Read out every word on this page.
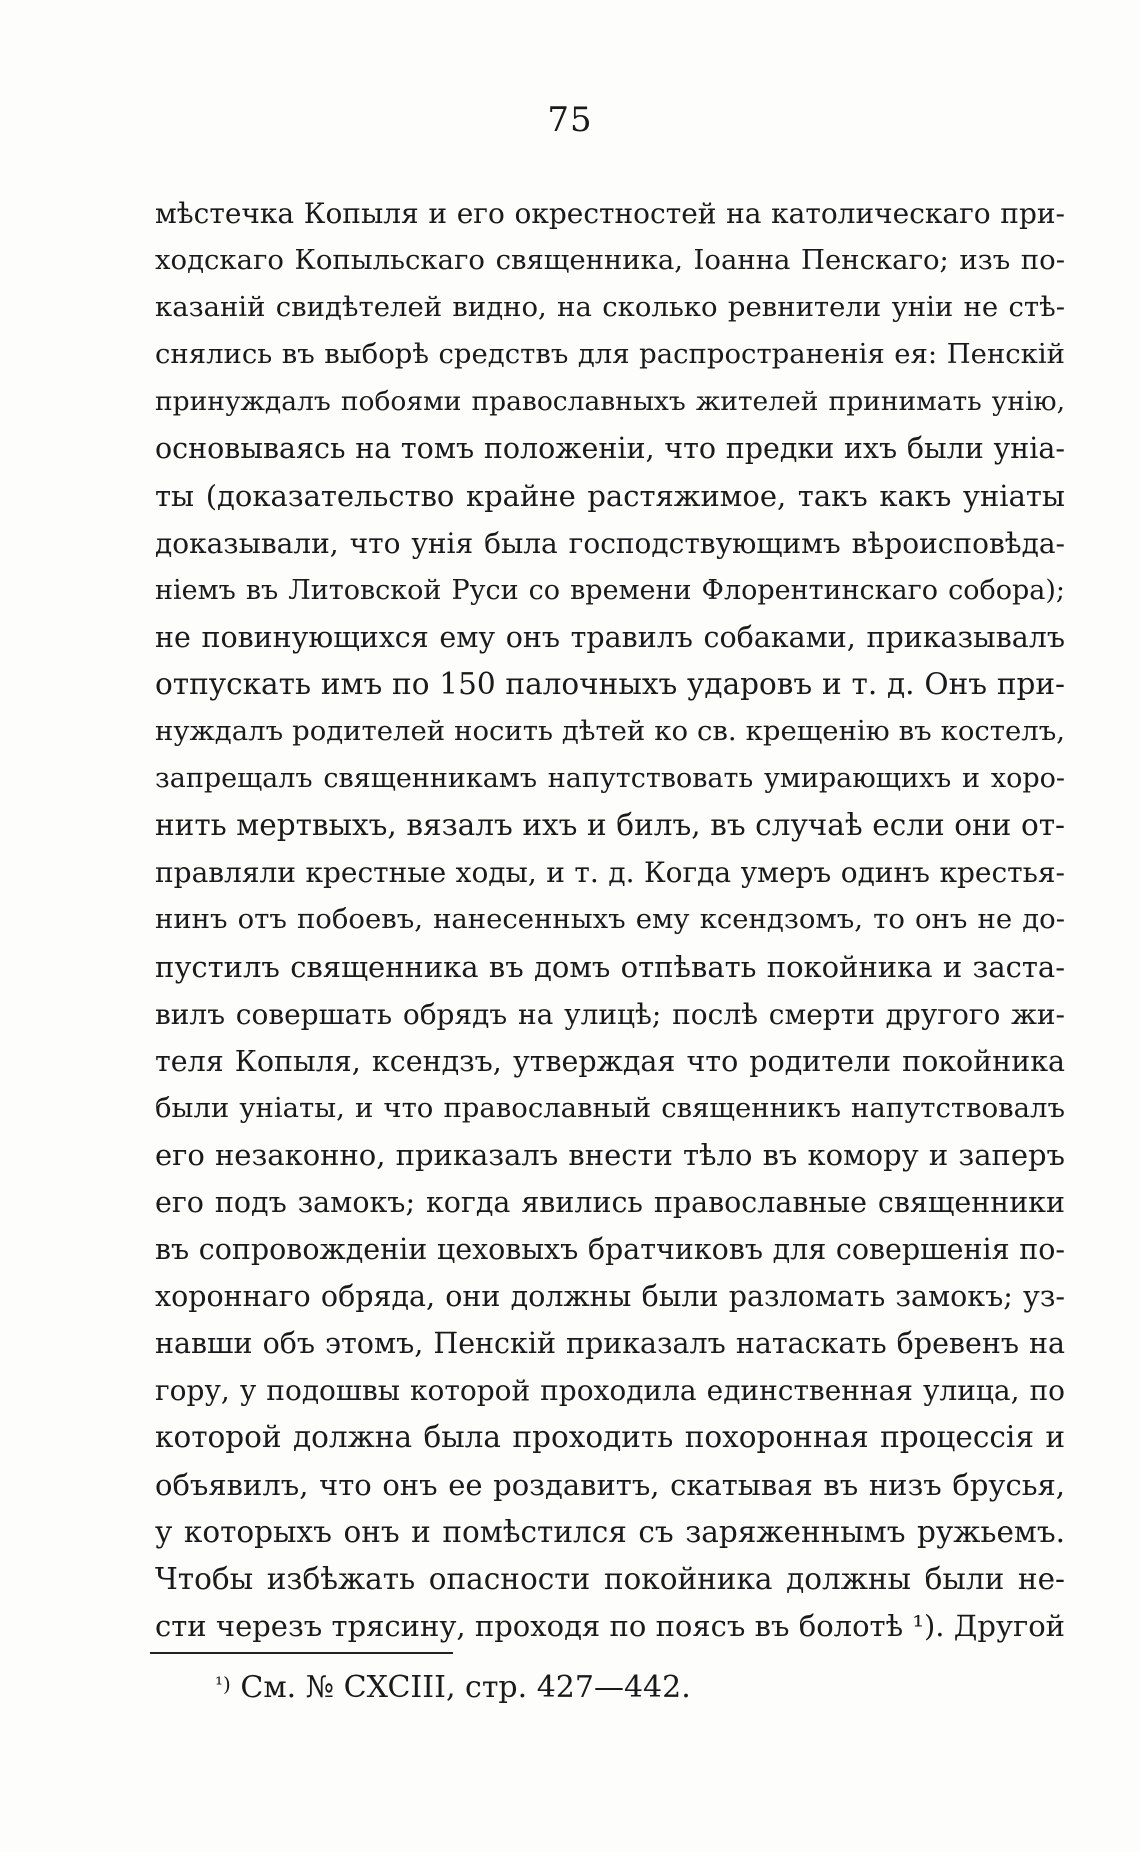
75
мѣстечка Копыля и его окрестностей на католическаго при-
ходскаго Копыльскаго священника, Іоанна Пенскаго; изъ по-
казаній свидѣтелей видно, на сколько ревнители уніи не стѣ-
снялись въ выборѣ средствъ для распространенія ея: Пенскій
принуждалъ побоями православныхъ жителей принимать унію,
основываясь на томъ положеніи, что предки ихъ были уніа-
ты (доказательство крайне растяжимое, такъ какъ уніаты
доказывали, что унія была господствующимъ вѣроисповѣда-
ніемъ въ Литовской Руси со времени Флорентинскаго собора);
не повинующихся ему онъ травилъ собаками, приказывалъ
отпускать имъ по 150 палочныхъ ударовъ и т. д. Онъ при-
нуждалъ родителей носить дѣтей ко св. крещенію въ костелъ,
запрещалъ священникамъ напутствовать умирающихъ и хоро-
нить мертвыхъ, вязалъ ихъ и билъ, въ случаѣ если они от-
правляли крестные ходы, и т. д. Когда умеръ одинъ крестья-
нинъ отъ побоевъ, нанесенныхъ ему ксендзомъ, то онъ не до-
пустилъ священника въ домъ отпѣвать покойника и заста-
вилъ совершать обрядъ на улицѣ; послѣ смерти другого жи-
теля Копыля, ксендзъ, утверждая что родители покойника
были уніаты, и что православный священникъ напутствовалъ
его незаконно, приказалъ внести тѣло въ комору и заперъ
его подъ замокъ; когда явились православные священники
въ сопровожденіи цеховыхъ братчиковъ для совершенія по-
хороннаго обряда, они должны были разломать замокъ; уз-
навши объ этомъ, Пенскій приказалъ натаскать бревенъ на
гору, у подошвы которой проходила единственная улица, по
которой должна была проходить похоронная процессія и
объявилъ, что онъ ее роздавитъ, скатывая въ низъ брусья,
у которыхъ онъ и помѣстился съ заряженнымъ ружьемъ.
Чтобы избѣжать опасности покойника должны были не-
сти черезъ трясину, проходя по поясъ въ болотѣ ¹). Другой
$^{^1)}$ См. № CXCIII, стр. 427—442.
